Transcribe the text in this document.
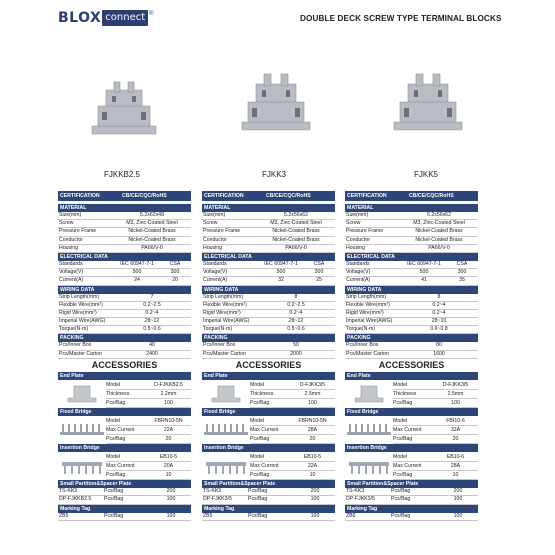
BLOX connect ®	DOUBLE DECK SCREW TYPE TERMINAL BLOCKS
FJKKB2.5	FJKK3	FJKK5
CERTIFICATION	CB/CE/CQC/RoHS
MATERIAL
Size(mm)	5.2x62x48
Screw	M3, Zinc-Coated Steel
Pressure Frame	Nickel-Coated Brass
Conductor	Nickel-Coated Brass
Housing	PA66/V-0
ELECTRICAL DATA
Standards	IEC 60947-7-1	CSA
Voltage(V)	500	300
Current(A)	24	20
WIRING DATA
Strip Length(mm)	7
Flexible Wire(mm²)	0.2~2.5
Rigid Wire(mm²)	0.2~4
Imperial Wire(AWG)	28~12
Torque(N·m)	0.5~0.6
PACKING
Pcs/Inner Box	40
Pcs/Master Carton	2400
ACCESSORIES
End Plate
Model	D-FJKKB2.5
Thickness	2.2mm
Pcs/Bag	100
Fixed Bridge
Model	FBRN10-5N
Max Current	22A
Pcs/Bag	20
Insertion Bridge
Model	EB10-5
Max Current	20A
Pcs/Bag	10
Small Partition&Spacer Plate
TS-KK3	Pcs/Bag	200
DP-FJKKB2.5	Pcs/Bag	100
Marking Tag
ZB5	Pcs/Bag	100
CERTIFICATION	CB/CE/CQC/RoHS
MATERIAL
Size(mm)	5.2x56x62
Screw	M3, Zinc-Coated Steel
Pressure Frame	Nickel-Coated Brass
Conductor	Nickel-Coated Brass
Housing	PA66/V-0
ELECTRICAL DATA
Standards	IEC 60947-7-1	CSA
Voltage(V)	500	300
Current(A)	32	25
WIRING DATA
Strip Length(mm)	8
Flexible Wire(mm²)	0.2~2.5
Rigid Wire(mm²)	0.2~4
Imperial Wire(AWG)	28~12
Torque(N·m)	0.5~0.6
PACKING
Pcs/Inner Box	50
Pcs/Master Carton	2000
ACCESSORIES
End Plate
Model	D-FJKK3/5
Thickness	2.5mm
Pcs/Bag	100
Fixed Bridge
Model	FBRN10-5N
Max Current	28A
Pcs/Bag	20
Insertion Bridge
Model	EB10-5
Max Current	22A
Pcs/Bag	10
Small Partition&Spacer Plate
TS-KK3	Pcs/Bag	200
DP-FJKK3/5	Pcs/Bag	100
Marking Tag
ZB5	Pcs/Bag	100
CERTIFICATION	CB/CE/CQC/RoHS
MATERIAL
Size(mm)	6.2x56x62
Screw	M3, Zinc-Coated Steel
Pressure Frame	Nickel-Coated Brass
Conductor	Nickel-Coated Brass
Housing	PA66/V-0
ELECTRICAL DATA
Standards	IEC 60947-7-1	CSA
Voltage(V)	500	300
Current(A)	41	35
WIRING DATA
Strip Length(mm)	8
Flexible Wire(mm²)	0.2~4
Rigid Wire(mm²)	0.2~4
Imperial Wire(AWG)	28~10
Torque(N·m)	0.6~0.8
PACKING
Pcs/Inner Box	80
Pcs/Master Carton	1600
ACCESSORIES
End Plate
Model	D-FJKK3/5
Thickness	2.5mm
Pcs/Bag	100
Fixed Bridge
Model	FBI10-6
Max Current	32A
Pcs/Bag	20
Insertion Bridge
Model	EB10-6
Max Current	28A
Pcs/Bag	10
Small Partition&Spacer Plate
TS-KK3	Pcs/Bag	200
DP-FJKK3/5	Pcs/Bag	100
Marking Tag
ZB6	Pcs/Bag	100
